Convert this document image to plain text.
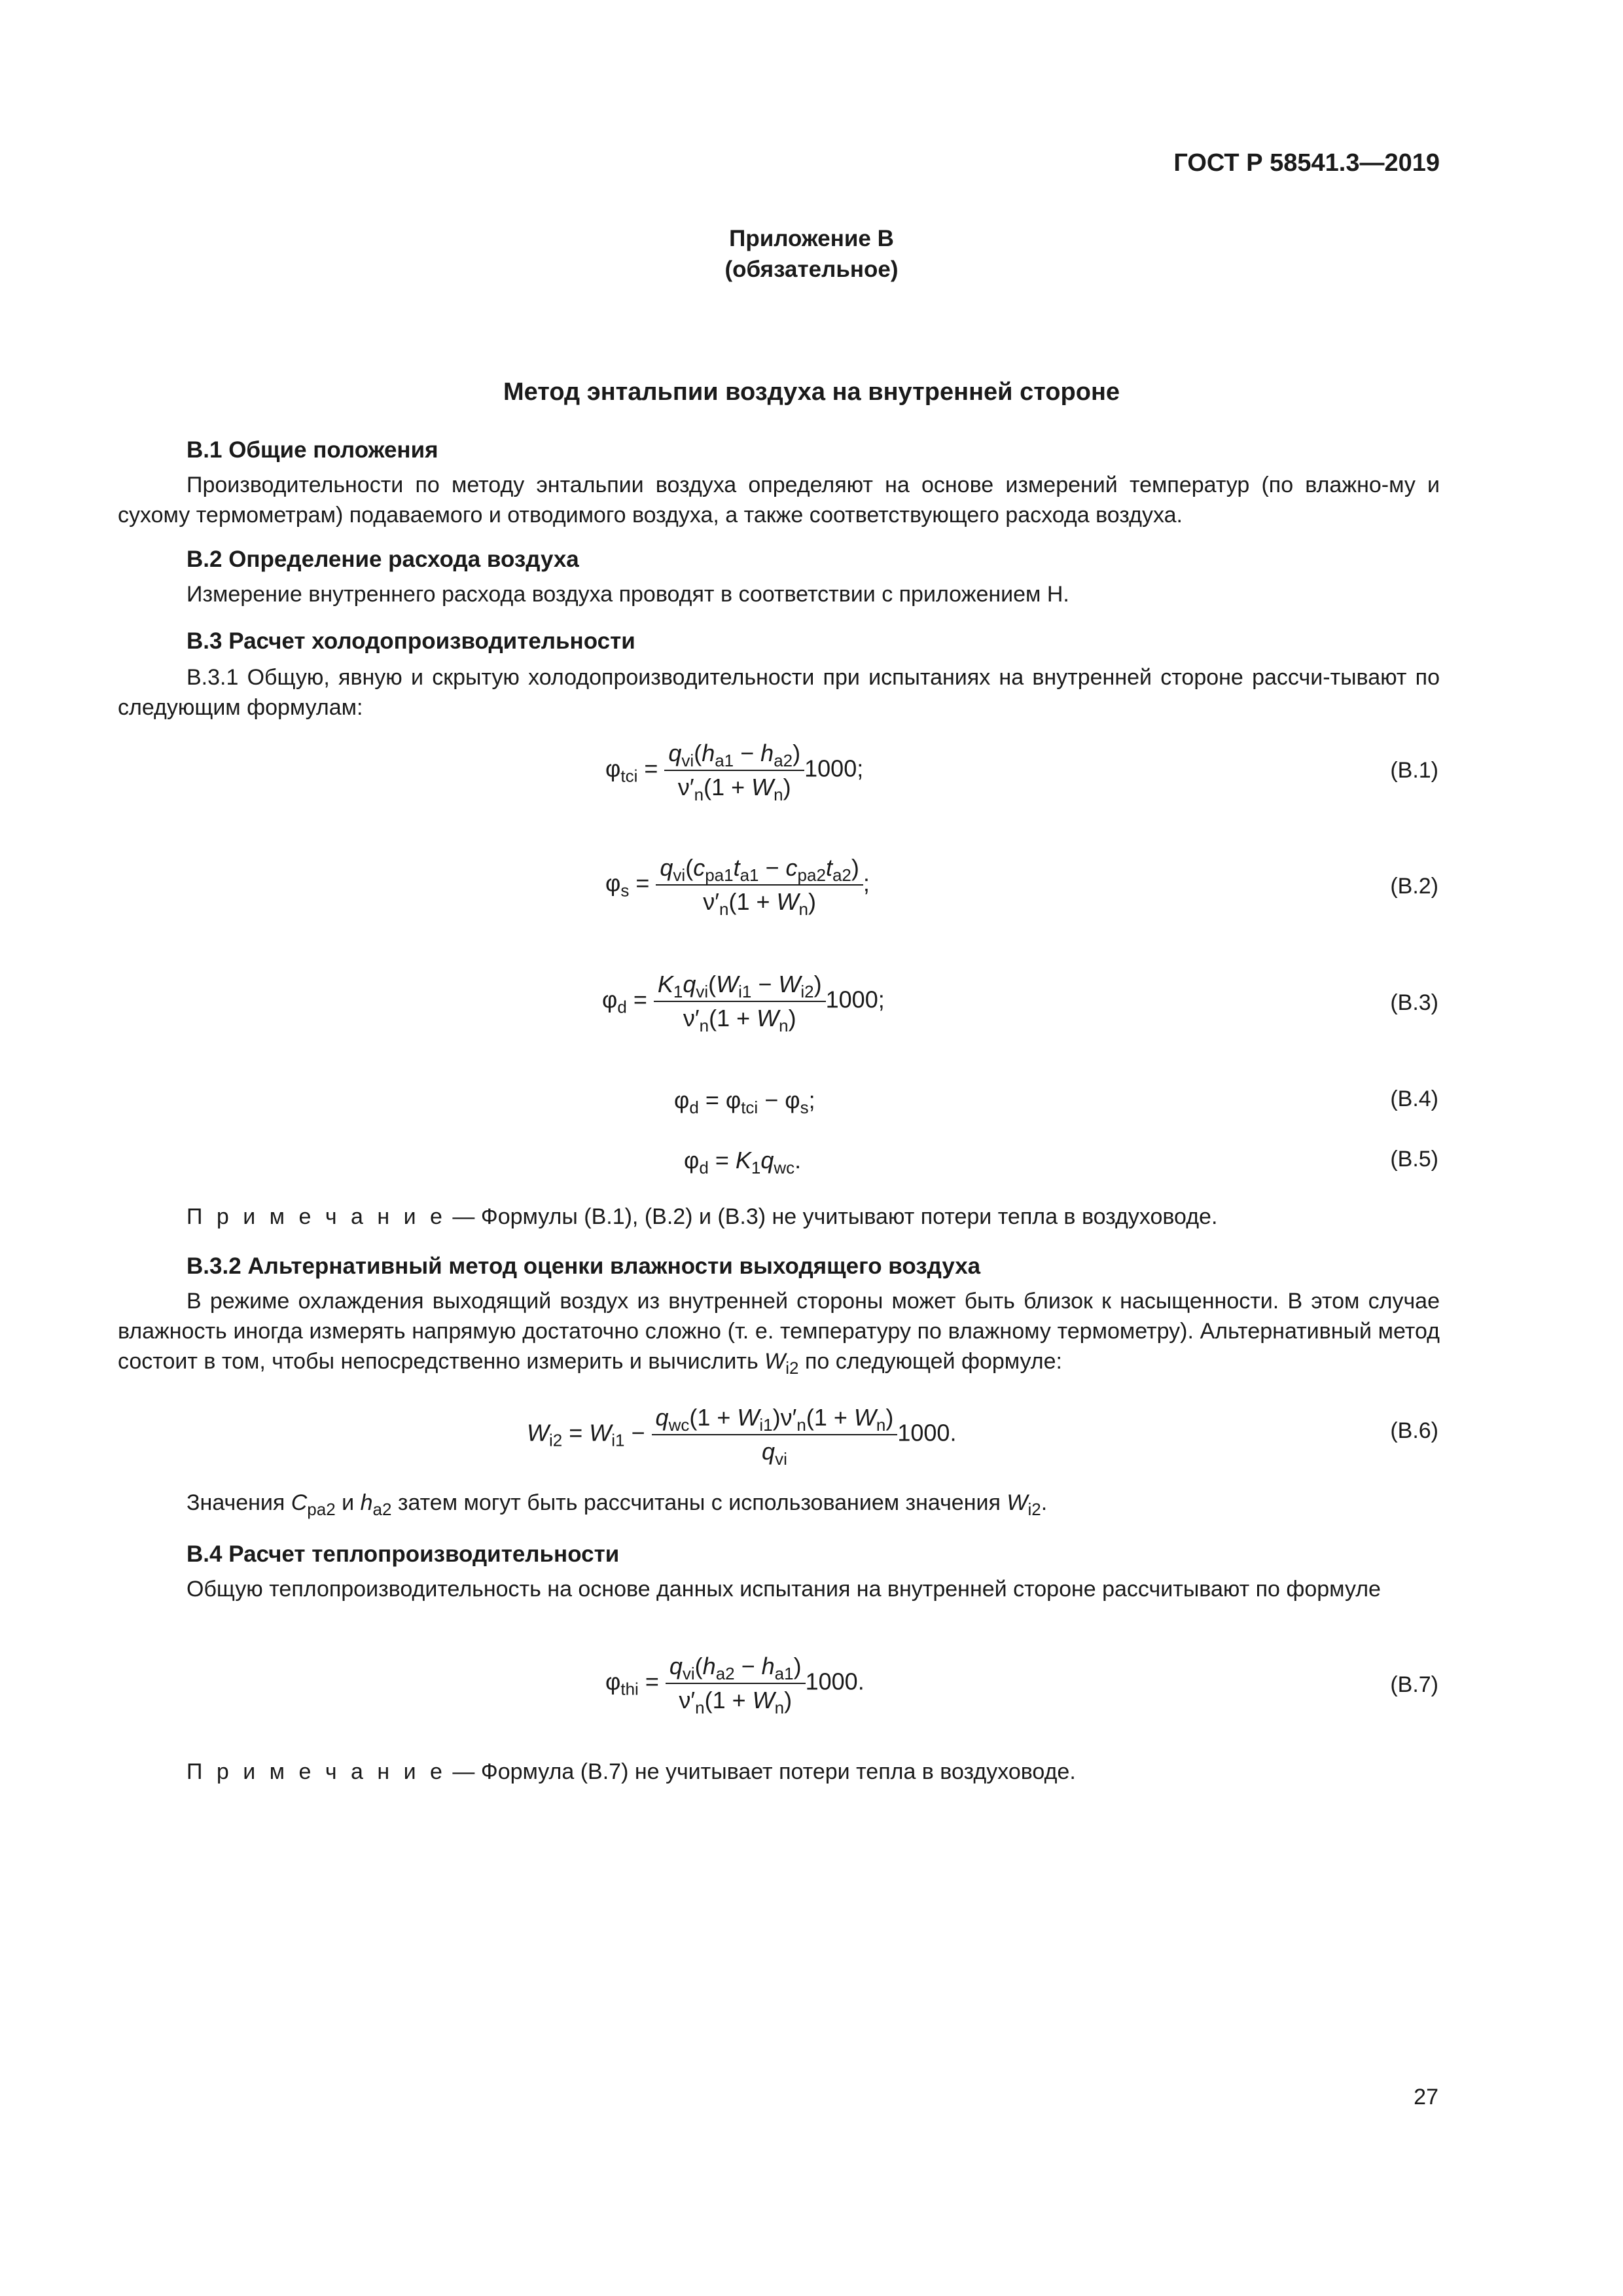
ГОСТ Р 58541.3—2019
Приложение В
(обязательное)
Метод энтальпии воздуха на внутренней стороне
В.1 Общие положения
Производительности по методу энтальпии воздуха определяют на основе измерений температур (по влажно-му и сухому термометрам) подаваемого и отводимого воздуха, а также соответствующего расхода воздуха.
В.2 Определение расхода воздуха
Измерение внутреннего расхода воздуха проводят в соответствии с приложением Н.
В.3 Расчет холодопроизводительности
В.3.1 Общую, явную и скрытую холодопроизводительности при испытаниях на внутренней стороне рассчи-тывают по следующим формулам:
$\varphi_{tci} = \frac{q_{vi}(h_{a1} - h_{a2})}{\nu'_n(1 + W_n)} 1000$;	(В.1)
$\varphi_s = \frac{q_{vi}(c_{pa1}t_{a1} - c_{pa2}t_{a2})}{\nu'_n(1 + W_n)}$ ;	(В.2)
$\varphi_d = \frac{K_1q_{vi}(W_{i1} - W_{i2})}{\nu'_n(1 + W_n)} 1000$;	(В.3)
$\varphi_d = \varphi_{tci} - \varphi_s$;	(В.4)
$\varphi_d = K_1q_{wc}$.	(В.5)
П р и м е ч а н и е — Формулы (В.1), (В.2) и (В.3) не учитывают потери тепла в воздуховоде.
В.3.2 Альтернативный метод оценки влажности выходящего воздуха
В режиме охлаждения выходящий воздух из внутренней стороны может быть близок к насыщенности. В этом случае влажность иногда измерять напрямую достаточно сложно (т. е. температуру по влажному термометру). Альтернативный метод состоит в том, чтобы непосредственно измерить и вычислить $W_{i2}$ по следующей формуле:
$W_{i2} = W_{i1} - \frac{q_{wc}(1 + W_{i1})\nu'_n(1 + W_n)}{q_{vi}} 1000$.	(В.6)
Значения $C_{pa2}$ и $h_{a2}$ затем могут быть рассчитаны с использованием значения $W_{i2}$.
В.4 Расчет теплопроизводительности
Общую теплопроизводительность на основе данных испытания на внутренней стороне рассчитывают по формуле
$\varphi_{thi} = \frac{q_{vi}(h_{a2} - h_{a1})}{\nu'_n(1 + W_n)} 1000$.	(В.7)
П р и м е ч а н и е — Формула (В.7) не учитывает потери тепла в воздуховоде.
27
